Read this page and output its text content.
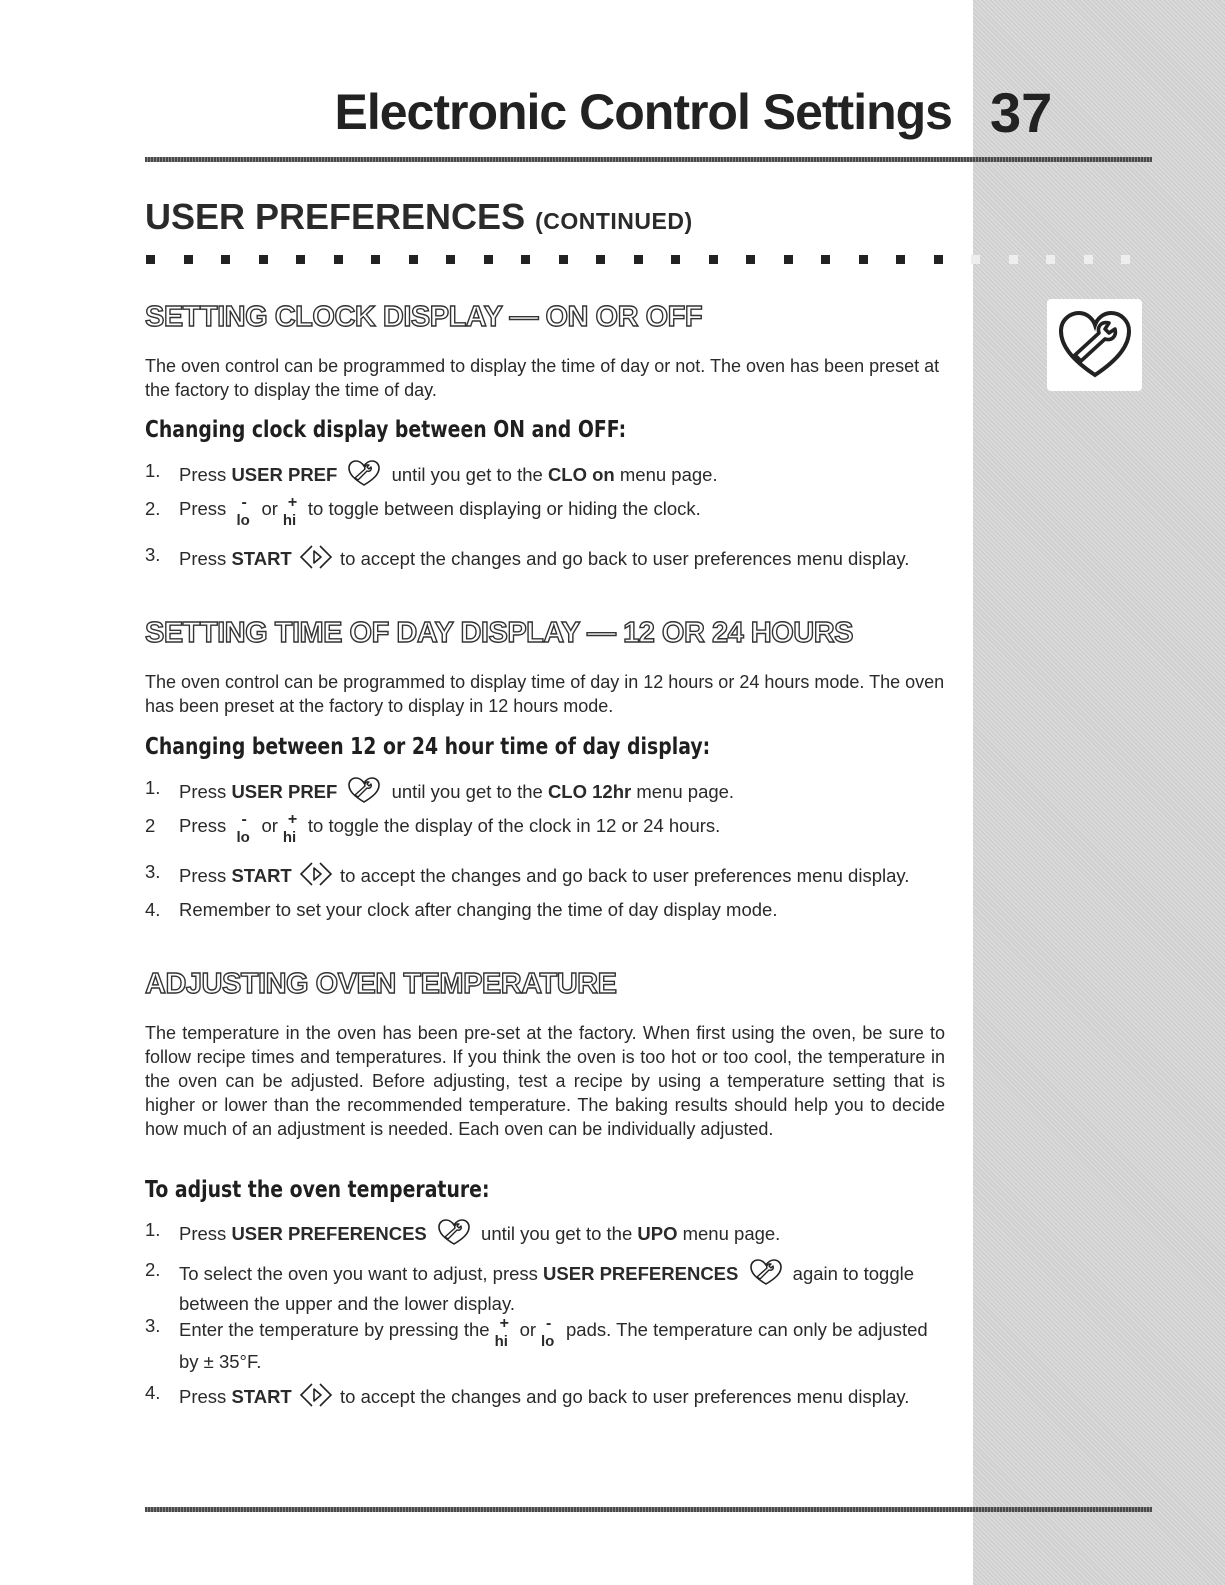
Electronic Control Settings 37
USER PREFERENCES (CONTINUED)
SETTING CLOCK DISPLAY — ON OR OFF

The oven control can be programmed to display the time of day or not. The oven has been preset at the factory to display the time of day.

Changing clock display between ON and OFF:
1.	Press USER PREF	until you get to the CLO on menu page.
2.	Press -
lo
or +
hi
to toggle between displaying or hiding the clock.
3.	Press START  to accept the changes and go back to user preferences menu display.
SETTING TIME OF DAY DISPLAY — 12 OR 24 HOURS

The oven control can be programmed to display time of day in 12 hours or 24 hours mode. The oven has been preset at the factory to display in 12 hours mode.

Changing between 12 or 24 hour time of day display:
1.	Press USER PREF	until you get to the CLO 12hr menu page.
2	Press -
lo
or +
hi
to toggle the display of the clock in 12 or 24 hours.
3.	Press START  to accept the changes and go back to user preferences menu display.
4.	Remember to set your clock after changing the time of day display mode.
ADJUSTING OVEN TEMPERATURE

The temperature in the oven has been pre-set at the factory. When first using the oven, be sure to follow recipe times and temperatures. If you think the oven is too hot or too cool, the temperature in the oven can be adjusted. Before adjusting, test a recipe by using a temperature setting that is higher or lower than the recommended temperature. The baking results should help you to decide how much of an adjustment is needed. Each oven can be individually adjusted.

To adjust the oven temperature:
1.	Press USER PREFERENCES	until you get to the UPO menu page.
2.	To select the oven you want to adjust, press USER PREFERENCES	again to toggle between the upper and the lower display.
3.	Enter the temperature by pressing the +
hi
or -
lo
pads. The temperature can only be adjusted by ± 35°F.
4.	Press START  to accept the changes and go back to user preferences menu display.
